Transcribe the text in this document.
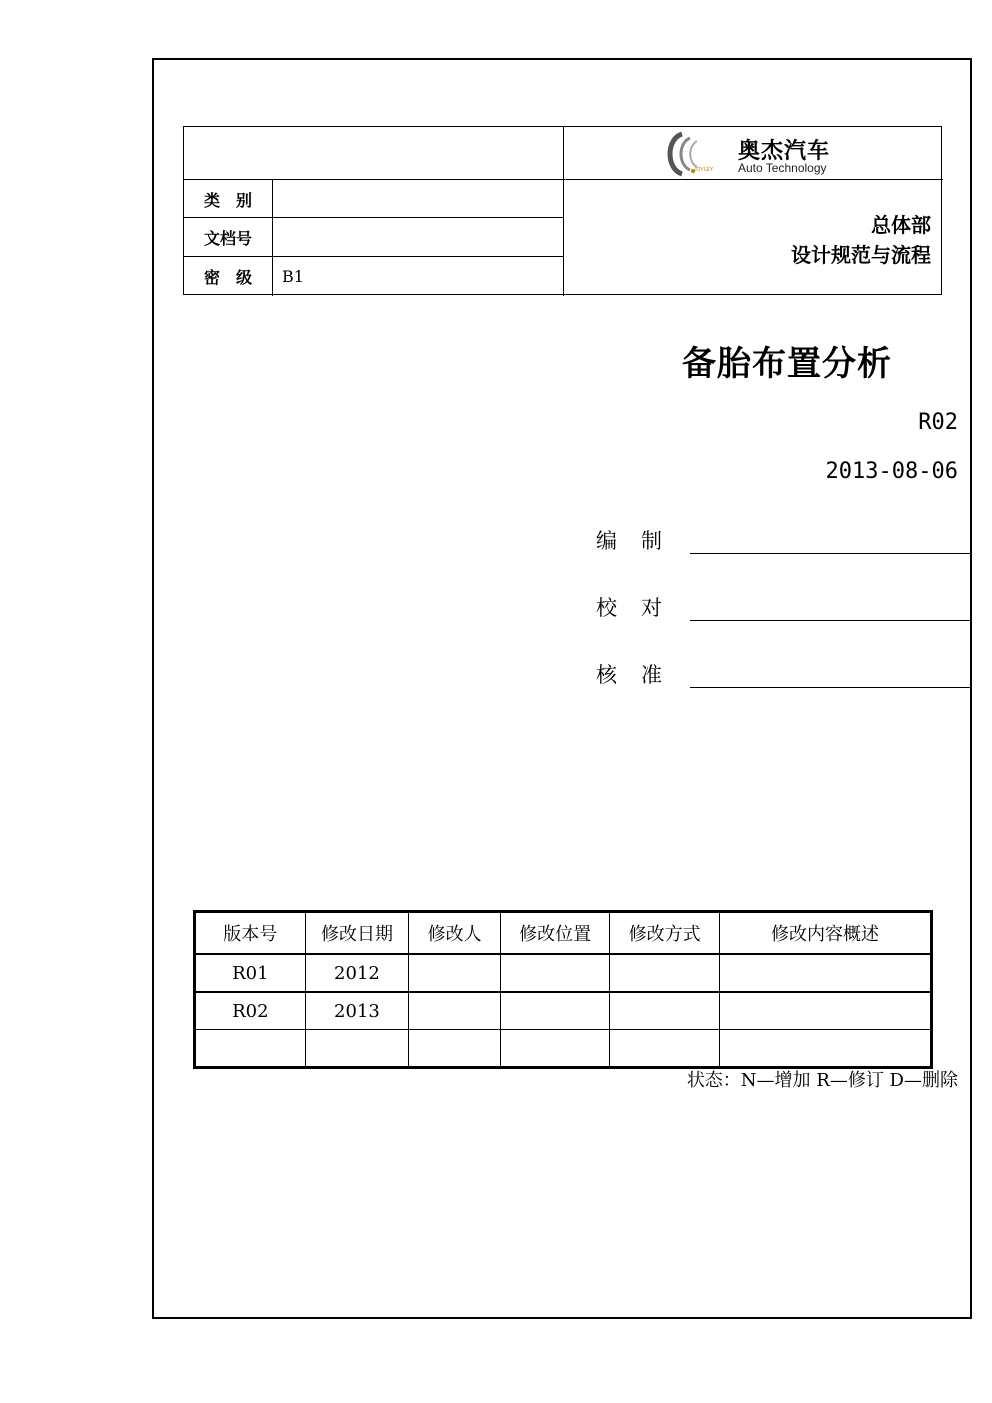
类　别
文档号
密　级	B1
JOYLEY
奥杰汽车
Auto Technology
总体部
设计规范与流程
备胎布置分析
R02
2013-08-06
编制
校对
核准
版本号	修改日期	修改人	修改位置	修改方式	修改内容概述
R01	2012				
R02	2013				

状态：N—增加 R—修订 D—删除
